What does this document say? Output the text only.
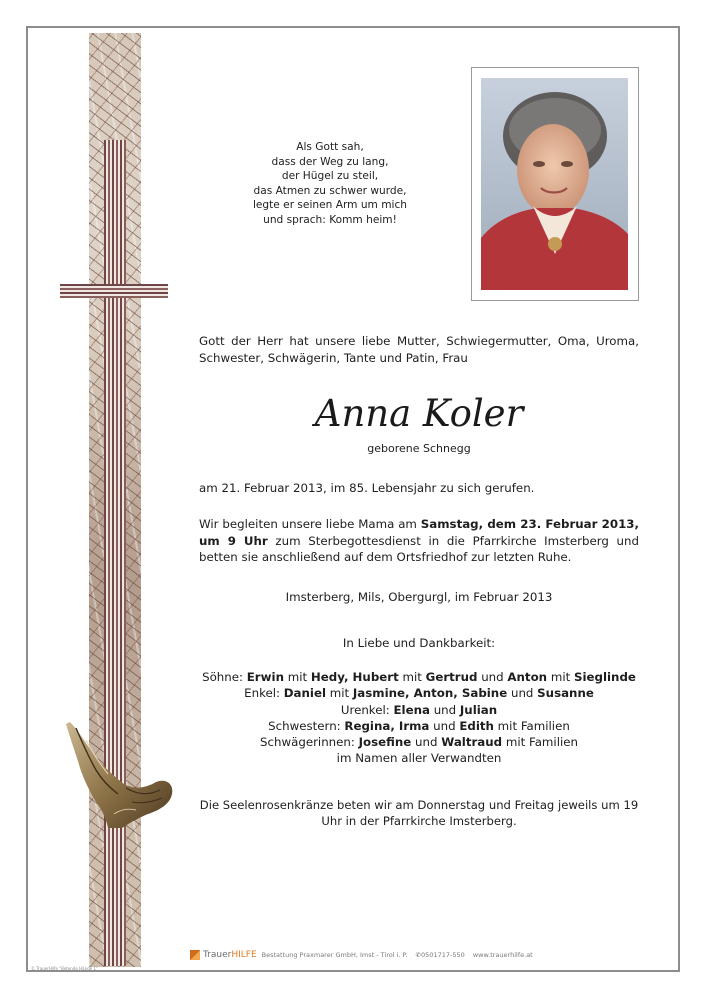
Als Gott sah,
dass der Weg zu lang,
der Hügel zu steil,
das Atmen zu schwer wurde,
legte er seinen Arm um mich
und sprach: Komm heim!
Gott der Herr hat unsere liebe Mutter, Schwiegermutter, Oma, Uroma, Schwester, Schwägerin, Tante und Patin, Frau
Anna Koler
geborene Schnegg
am 21. Februar 2013, im 85. Lebensjahr zu sich gerufen.
Wir begleiten unsere liebe Mama am Samstag, dem 23. Februar 2013, um 9 Uhr zum Sterbegottesdienst in die Pfarrkirche Imsterberg und betten sie anschließend auf dem Ortsfriedhof zur letzten Ruhe.
Imsterberg, Mils, Obergurgl, im Februar 2013
In Liebe und Dankbarkeit:
Söhne: Erwin mit Hedy, Hubert mit Gertrud und Anton mit Sieglinde
Enkel: Daniel mit Jasmine, Anton, Sabine und Susanne
Urenkel: Elena und Julian
Schwestern: Regina, Irma und Edith mit Familien
Schwägerinnen: Josefine und Waltraud mit Familien
im Namen aller Verwandten
Die Seelenrosenkränze beten wir am Donnerstag und Freitag jeweils um 19 Uhr in der Pfarrkirche Imsterberg.
TrauerHILFE Bestattung Praxmarer GmbH, Imst - Tirol i. P. ✆0501717-550 www.trauerhilfe.at
© TrauerHilfe "Betende Hände 1"
